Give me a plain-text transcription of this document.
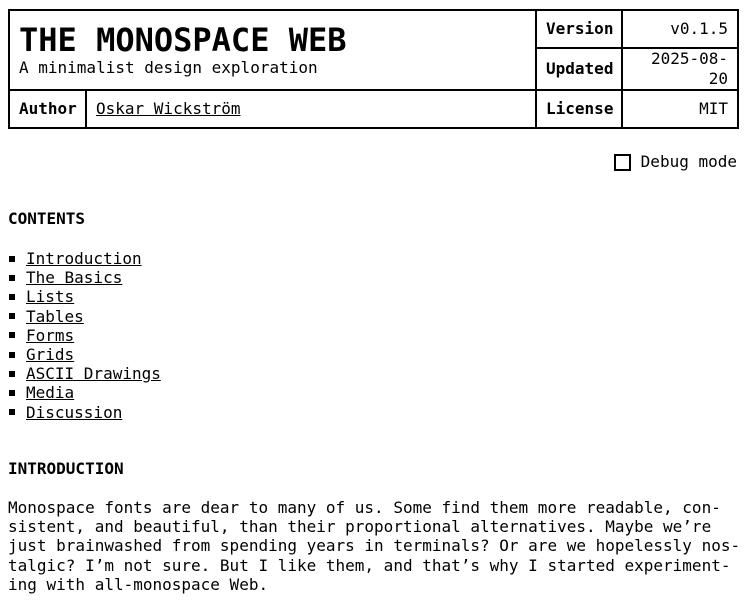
THE MONOSPACE WEB
A minimalist design exploration		Version	v0.1.5
		Updated	2025-08-20
Author	Oskar Wickström	License	MIT
Debug mode
CONTENTS
Introduction
The Basics
Lists
Tables
Forms
Grids
ASCII Drawings
Media
Discussion
INTRODUCTION

Monospace fonts are dear to many of us. Some find them more readable, con-
sistent, and beautiful, than their proportional alternatives. Maybe we’re
just brainwashed from spending years in terminals? Or are we hopelessly nos-
talgic? I’m not sure. But I like them, and that’s why I started experiment-
ing with all-monospace Web.
